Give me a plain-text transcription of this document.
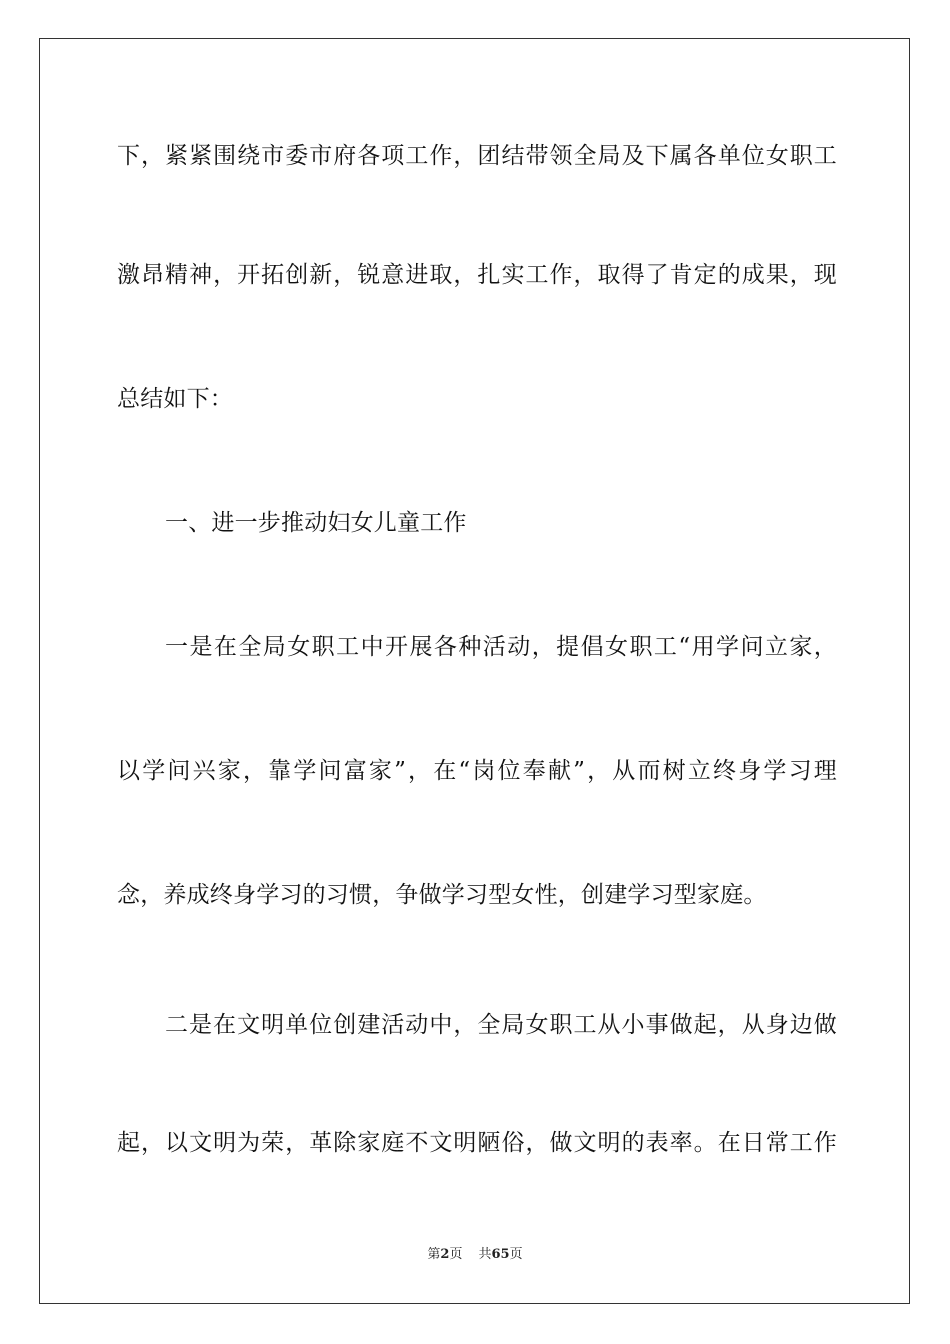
下，紧紧围绕市委市府各项工作，团结带领全局及下属各单位女职工
激昂精神，开拓创新，锐意进取，扎实工作，取得了肯定的成果，现
总结如下：
一、进一步推动妇女儿童工作
一是在全局女职工中开展各种活动，提倡女职工“用学问立家，
以学问兴家，靠学问富家”，在“岗位奉献”，从而树立终身学习理
念，养成终身学习的习惯，争做学习型女性，创建学习型家庭。
二是在文明单位创建活动中，全局女职工从小事做起，从身边做
起，以文明为荣，革除家庭不文明陋俗，做文明的表率。在日常工作
第2页 共65页
